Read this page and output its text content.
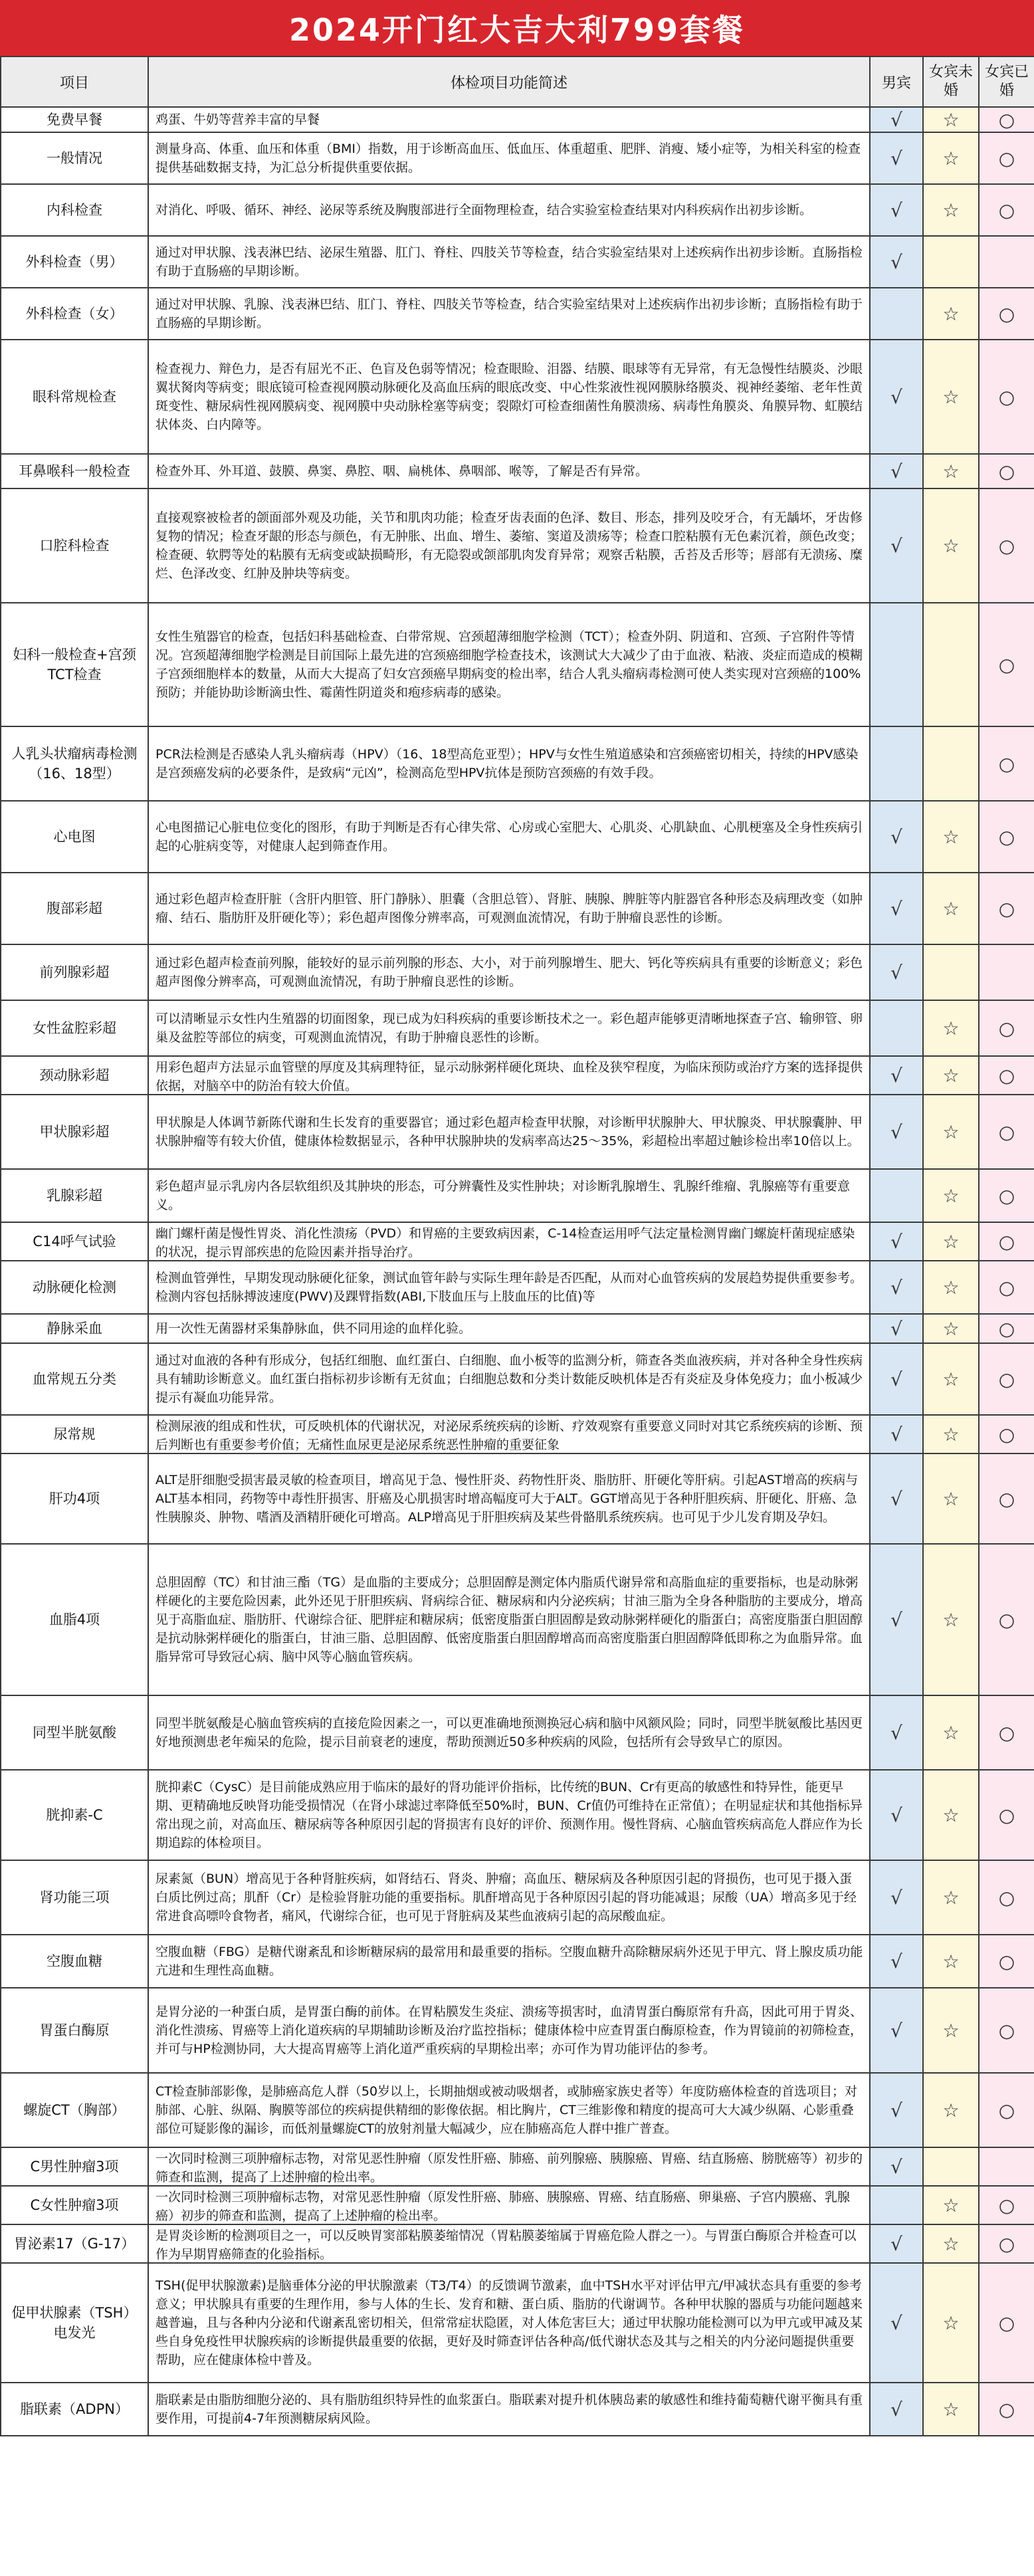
2024开门红大吉大利799套餐
项目	体检项目功能简述	男宾	女宾未婚	女宾已婚
免费早餐	鸡蛋、牛奶等营养丰富的早餐	√	☆	○
一般情况	测量身高、体重、血压和体重（BMI）指数，用于诊断高血压、低血压、体重超重、肥胖、消瘦、矮小症等，为相关科室的检查提供基础数据支持，为汇总分析提供重要依据。	√	☆	○
内科检查	对消化、呼吸、循环、神经、泌尿等系统及胸腹部进行全面物理检查，结合实验室检查结果对内科疾病作出初步诊断。	√	☆	○
外科检查（男）	通过对甲状腺、浅表淋巴结、泌尿生殖器、肛门、脊柱、四肢关节等检查，结合实验室结果对上述疾病作出初步诊断。直肠指检有助于直肠癌的早期诊断。	√		
外科检查（女）	通过对甲状腺、乳腺、浅表淋巴结、肛门、脊柱、四肢关节等检查，结合实验室结果对上述疾病作出初步诊断；直肠指检有助于直肠癌的早期诊断。		☆	○
眼科常规检查	检查视力、辩色力，是否有屈光不正、色盲及色弱等情况；检查眼睑、泪器、结膜、眼球等有无异常，有无急慢性结膜炎、沙眼翼状胬肉等病变；眼底镜可检查视网膜动脉硬化及高血压病的眼底改变、中心性浆液性视网膜脉络膜炎、视神经萎缩、老年性黄斑变性、糖尿病性视网膜病变、视网膜中央动脉栓塞等病变；裂隙灯可检查细菌性角膜溃疡、病毒性角膜炎、角膜异物、虹膜结状体炎、白内障等。	√	☆	○
耳鼻喉科一般检查	检查外耳、外耳道、鼓膜、鼻窦、鼻腔、咽、扁桃体、鼻咽部、喉等，了解是否有异常。	√	☆	○
口腔科检查	直接观察被检者的颌面部外观及功能，关节和肌肉功能；检查牙齿表面的色泽、数目、形态，排列及咬牙合，有无龋坏，牙齿修复物的情况；检查牙龈的形态与颜色，有无肿胀、出血、增生、萎缩、窦道及溃疡等；检查口腔粘膜有无色素沉着，颜色改变；检查硬、软腭等处的粘膜有无病变或缺损畸形，有无隐裂或颌部肌肉发育异常；观察舌粘膜，舌苔及舌形等；唇部有无溃疡、糜烂、色泽改变、红肿及肿块等病变。	√	☆	○
妇科一般检查+宫颈TCT检查	女性生殖器官的检查，包括妇科基础检查、白带常规、宫颈超薄细胞学检测（TCT）；检查外阴、阴道和、宫颈、子宫附件等情况。宫颈超薄细胞学检测是目前国际上最先进的宫颈癌细胞学检查技术，该测试大大减少了由于血液、粘液、炎症而造成的模糊子宫颈细胞样本的数量，从而大大提高了妇女宫颈癌早期病变的检出率，结合人乳头瘤病毒检测可使人类实现对宫颈癌的100%预防；并能协助诊断滴虫性、霉菌性阴道炎和疱疹病毒的感染。			○
人乳头状瘤病毒检测（16、18型）	PCR法检测是否感染人乳头瘤病毒（HPV）（16、18型高危亚型）；HPV与女性生殖道感染和宫颈癌密切相关，持续的HPV感染是宫颈癌发病的必要条件，是致病“元凶”，检测高危型HPV抗体是预防宫颈癌的有效手段。			○
心电图	心电图描记心脏电位变化的图形，有助于判断是否有心律失常、心房或心室肥大、心肌炎、心肌缺血、心肌梗塞及全身性疾病引起的心脏病变等，对健康人起到筛查作用。	√	☆	○
腹部彩超	通过彩色超声检查肝脏（含肝内胆管、肝门静脉）、胆囊（含胆总管）、肾脏、胰腺、脾脏等内脏器官各种形态及病理改变（如肿瘤、结石、脂肪肝及肝硬化等）；彩色超声图像分辨率高，可观测血流情况，有助于肿瘤良恶性的诊断。	√	☆	○
前列腺彩超	通过彩色超声检查前列腺，能较好的显示前列腺的形态、大小，对于前列腺增生、肥大、钙化等疾病具有重要的诊断意义；彩色超声图像分辨率高，可观测血流情况，有助于肿瘤良恶性的诊断。	√		
女性盆腔彩超	可以清晰显示女性内生殖器的切面图象，现已成为妇科疾病的重要诊断技术之一。彩色超声能够更清晰地探查子宫、输卵管、卵巢及盆腔等部位的病变，可观测血流情况，有助于肿瘤良恶性的诊断。		☆	○
颈动脉彩超	用彩色超声方法显示血管壁的厚度及其病理特征，显示动脉粥样硬化斑块、血栓及狭窄程度，为临床预防或治疗方案的选择提供依据，对脑卒中的防治有较大价值。	√	☆	○
甲状腺彩超	甲状腺是人体调节新陈代谢和生长发育的重要器官；通过彩色超声检查甲状腺，对诊断甲状腺肿大、甲状腺炎、甲状腺囊肿、甲状腺肿瘤等有较大价值，健康体检数据显示，各种甲状腺肿块的发病率高达25～35%，彩超检出率超过触诊检出率10倍以上。	√	☆	○
乳腺彩超	彩色超声显示乳房内各层软组织及其肿块的形态，可分辨囊性及实性肿块；对诊断乳腺增生、乳腺纤维瘤、乳腺癌等有重要意义。		☆	○
C14呼气试验	幽门螺杆菌是慢性胃炎、消化性溃疡（PVD）和胃癌的主要致病因素，C-14检查运用呼气法定量检测胃幽门螺旋杆菌现症感染的状况，提示胃部疾患的危险因素并指导治疗。	√	☆	○
动脉硬化检测	检测血管弹性，早期发现动脉硬化征象，测试血管年龄与实际生理年龄是否匹配，从而对心血管疾病的发展趋势提供重要参考。检测内容包括脉搏波速度(PWV)及踝臂指数(ABI,下肢血压与上肢血压的比值)等	√	☆	○
静脉采血	用一次性无菌器材采集静脉血，供不同用途的血样化验。	√	☆	○
血常规五分类	通过对血液的各种有形成分，包括红细胞、血红蛋白、白细胞、血小板等的监测分析，筛查各类血液疾病，并对各种全身性疾病具有辅助诊断意义。血红蛋白指标初步诊断有无贫血；白细胞总数和分类计数能反映机体是否有炎症及身体免疫力；血小板减少提示有凝血功能异常。	√	☆	○
尿常规	检测尿液的组成和性状，可反映机体的代谢状况，对泌尿系统疾病的诊断、疗效观察有重要意义同时对其它系统疾病的诊断、预后判断也有重要参考价值；无痛性血尿更是泌尿系统恶性肿瘤的重要征象	√	☆	○
肝功4项	ALT是肝细胞受损害最灵敏的检查项目，增高见于急、慢性肝炎、药物性肝炎、脂肪肝、肝硬化等肝病。引起AST增高的疾病与ALT基本相同，药物等中毒性肝损害、肝癌及心肌损害时增高幅度可大于ALT。GGT增高见于各种肝胆疾病、肝硬化、肝癌、急性胰腺炎、肿物、嗜酒及酒精肝硬化可增高。ALP增高见于肝胆疾病及某些骨骼肌系统疾病。也可见于少儿发育期及孕妇。	√	☆	○
血脂4项	总胆固醇（TC）和甘油三酯（TG）是血脂的主要成分；总胆固醇是测定体内脂质代谢异常和高脂血症的重要指标，也是动脉粥样硬化的主要危险因素，此外还见于肝胆疾病、肾病综合征、糖尿病和内分泌疾病；甘油三脂为全身各种脂肪的主要成分，增高见于高脂血症、脂肪肝、代谢综合征、肥胖症和糖尿病；低密度脂蛋白胆固醇是致动脉粥样硬化的脂蛋白；高密度脂蛋白胆固醇是抗动脉粥样硬化的脂蛋白，甘油三脂、总胆固醇、低密度脂蛋白胆固醇增高而高密度脂蛋白胆固醇降低即称之为血脂异常。血脂异常可导致冠心病、脑中风等心脑血管疾病。	√	☆	○
同型半胱氨酸	同型半胱氨酸是心脑血管疾病的直接危险因素之一，可以更准确地预测换冠心病和脑中风额风险；同时，同型半胱氨酸比基因更好地预测患老年痴呆的危险，提示目前衰老的速度，帮助预测近50多种疾病的风险，包括所有会导致早亡的原因。	√	☆	○
胱抑素-C	胱抑素C（CysC）是目前能成熟应用于临床的最好的肾功能评价指标，比传统的BUN、Cr有更高的敏感性和特异性，能更早期、更精确地反映肾功能受损情况（在肾小球滤过率降低至50%时，BUN、Cr值仍可维持在正常值）；在明显症状和其他指标异常出现之前，对高血压、糖尿病等各种原因引起的肾损害有良好的评价、预测作用。慢性肾病、心脑血管疾病高危人群应作为长期追踪的体检项目。	√	☆	○
肾功能三项	尿素氮（BUN）增高见于各种肾脏疾病，如肾结石、肾炎、肿瘤；高血压、糖尿病及各种原因引起的肾损伤，也可见于摄入蛋白质比例过高；肌酐（Cr）是检验肾脏功能的重要指标。肌酐增高见于各种原因引起的肾功能减退；尿酸（UA）增高多见于经常进食高嘌呤食物者，痛风，代谢综合征，也可见于肾脏病及某些血液病引起的高尿酸血症。	√	☆	○
空腹血糖	空腹血糖（FBG）是糖代谢紊乱和诊断糖尿病的最常用和最重要的指标。空腹血糖升高除糖尿病外还见于甲亢、肾上腺皮质功能亢进和生理性高血糖。	√	☆	○
胃蛋白酶原	是胃分泌的一种蛋白质，是胃蛋白酶的前体。在胃粘膜发生炎症、溃疡等损害时，血清胃蛋白酶原常有升高，因此可用于胃炎、消化性溃疡、胃癌等上消化道疾病的早期辅助诊断及治疗监控指标；健康体检中应查胃蛋白酶原检查，作为胃镜前的初筛检查，并可与HP检测协同，大大提高胃癌等上消化道严重疾病的早期检出率；亦可作为胃功能评估的参考。	√	☆	○
螺旋CT（胸部）	CT检查肺部影像，是肺癌高危人群（50岁以上，长期抽烟或被动吸烟者，或肺癌家族史者等）年度防癌体检查的首选项目；对肺部、心脏、纵隔、胸膜等部位的疾病提供精细的影像依据。相比胸片，CT三维影像和精度的提高可大大减少纵隔、心影重叠部位可疑影像的漏诊，而低剂量螺旋CT的放射剂量大幅减少，应在肺癌高危人群中推广普查。	√	☆	○
C男性肿瘤3项	一次同时检测三项肿瘤标志物，对常见恶性肿瘤（原发性肝癌、肺癌、前列腺癌、胰腺癌、胃癌、结直肠癌、膀胱癌等）初步的筛查和监测，提高了上述肿瘤的检出率。	√		
C女性肿瘤3项	一次同时检测三项肿瘤标志物，对常见恶性肿瘤（原发性肝癌、肺癌、胰腺癌、胃癌、结直肠癌、卵巢癌、子宫内膜癌、乳腺癌）初步的筛查和监测，提高了上述肿瘤的检出率。		☆	○
胃泌素17（G-17）	是胃炎诊断的检测项目之一，可以反映胃窦部粘膜萎缩情况（胃粘膜萎缩属于胃癌危险人群之一）。与胃蛋白酶原合并检查可以作为早期胃癌筛查的化验指标。	√	☆	○
促甲状腺素（TSH）电发光	TSH(促甲状腺激素)是脑垂体分泌的甲状腺激素（T3/T4）的反馈调节激素，血中TSH水平对评估甲亢/甲减状态具有重要的参考意义；甲状腺具有重要的生理作用，参与人体的生长、发育和糖、蛋白质、脂肪的代谢调节。各种甲状腺的器质与功能问题越来越普遍，且与各种内分泌和代谢紊乱密切相关，但常常症状隐匿，对人体危害巨大；通过甲状腺功能检测可以为甲亢或甲减及某些自身免疫性甲状腺疾病的诊断提供最重要的依据，更好及时筛查评估各种高/低代谢状态及其与之相关的内分泌问题提供重要帮助，应在健康体检中普及。	√	☆	○
脂联素（ADPN）	脂联素是由脂肪细胞分泌的、具有脂肪组织特异性的血浆蛋白。脂联素对提升机体胰岛素的敏感性和维持葡萄糖代谢平衡具有重要作用，可提前4-7年预测糖尿病风险。	√	☆	○
